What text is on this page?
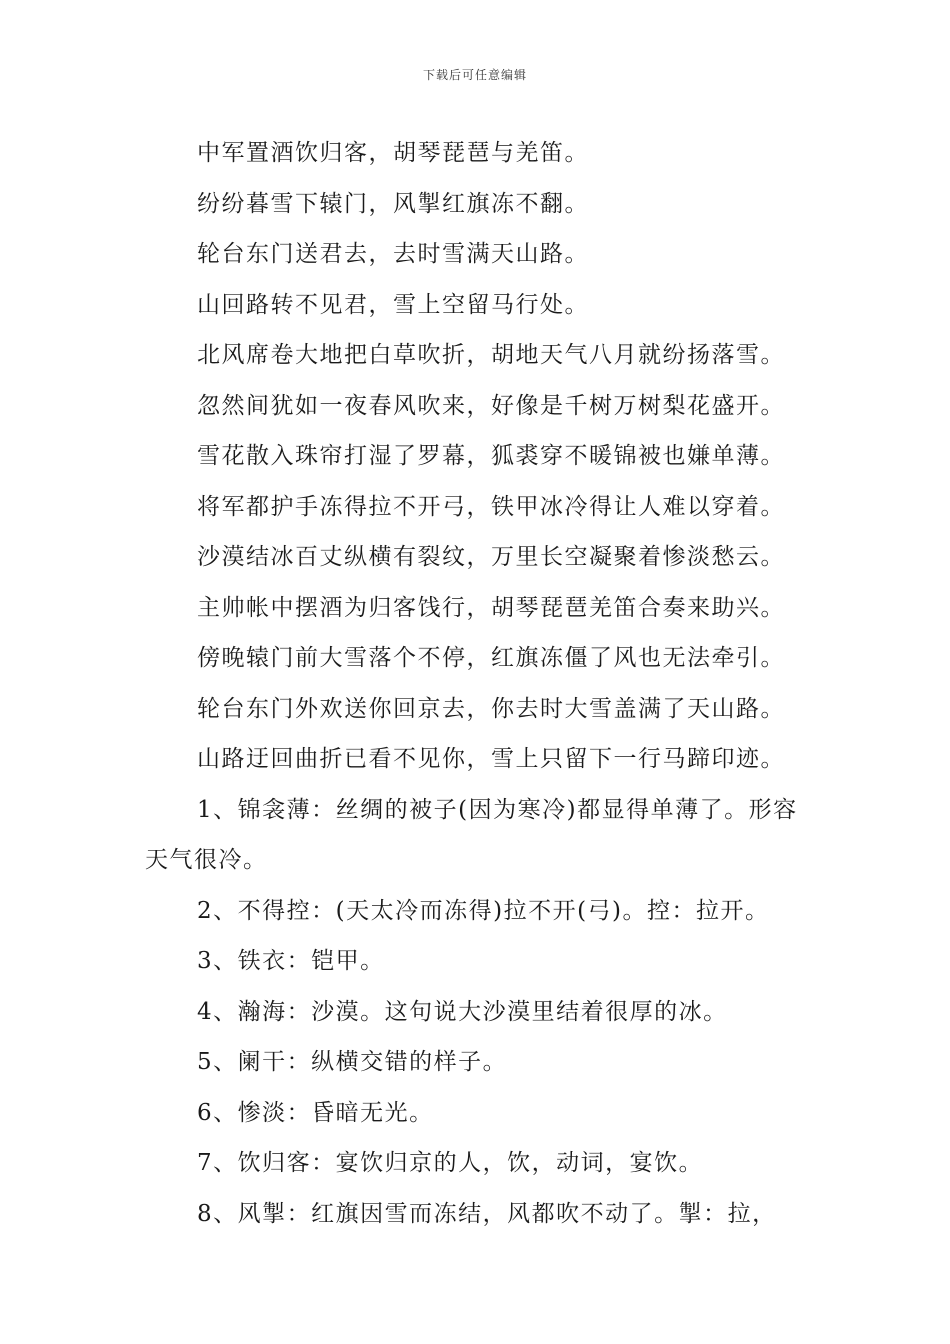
下载后可任意编辑
中军置酒饮归客，胡琴琵琶与羌笛。
纷纷暮雪下辕门，风掣红旗冻不翻。
轮台东门送君去，去时雪满天山路。
山回路转不见君，雪上空留马行处。
北风席卷大地把白草吹折，胡地天气八月就纷扬落雪。
忽然间犹如一夜春风吹来，好像是千树万树梨花盛开。
雪花散入珠帘打湿了罗幕，狐裘穿不暖锦被也嫌单薄。
将军都护手冻得拉不开弓，铁甲冰冷得让人难以穿着。
沙漠结冰百丈纵横有裂纹，万里长空凝聚着惨淡愁云。
主帅帐中摆酒为归客饯行，胡琴琵琶羌笛合奏来助兴。
傍晚辕门前大雪落个不停，红旗冻僵了风也无法牵引。
轮台东门外欢送你回京去，你去时大雪盖满了天山路。
山路迂回曲折已看不见你，雪上只留下一行马蹄印迹。

1、锦衾薄：丝绸的被子(因为寒冷)都显得单薄了。形容天气很冷。

2、不得控：(天太冷而冻得)拉不开(弓)。控：拉开。

3、铁衣：铠甲。

4、瀚海：沙漠。这句说大沙漠里结着很厚的冰。

5、阑干：纵横交错的样子。

6、惨淡：昏暗无光。

7、饮归客：宴饮归京的人，饮，动词，宴饮。

8、风掣：红旗因雪而冻结，风都吹不动了。掣：拉，
